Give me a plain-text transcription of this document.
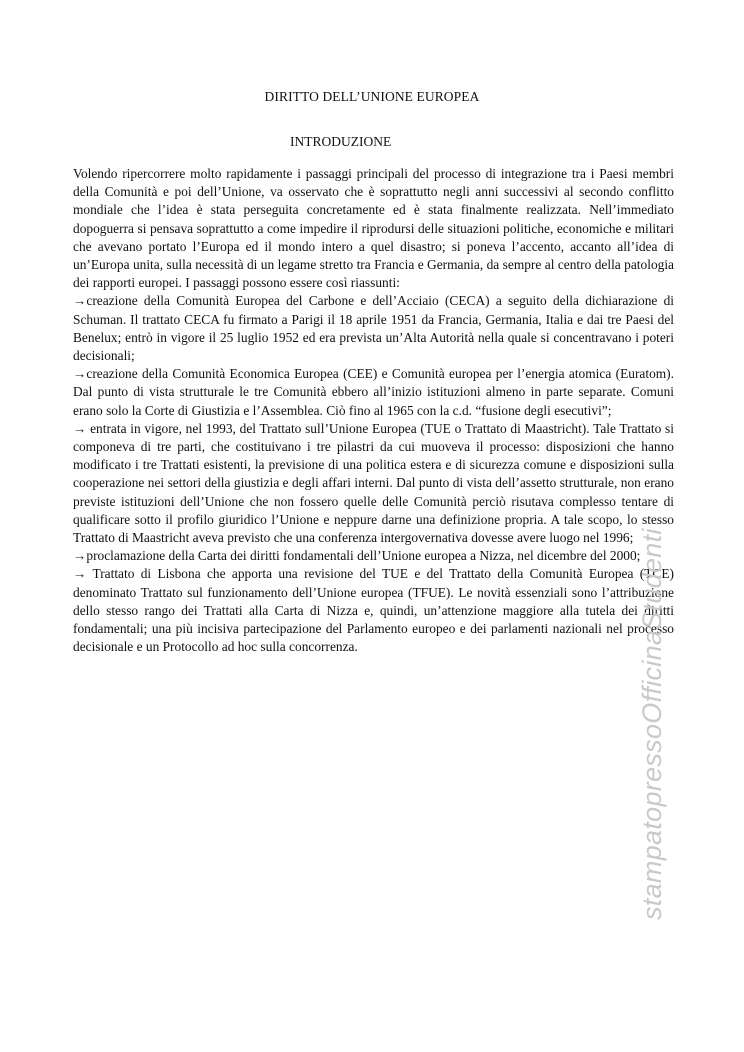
DIRITTO DELL’UNIONE EUROPEA
INTRODUZIONE

Volendo ripercorrere molto rapidamente i passaggi principali del processo di integrazione tra i Paesi membri della Comunità e poi dell’Unione, va osservato che è soprattutto negli anni successivi al secondo conflitto mondiale che l’idea è stata perseguita concretamente ed è stata finalmente realizzata. Nell’immediato dopoguerra si pensava soprattutto a come impedire il riprodursi delle situazioni politiche, economiche e militari che avevano portato l’Europa ed il mondo intero a quel disastro; si poneva l’accento, accanto all’idea di un’Europa unita, sulla necessità di un legame stretto tra Francia e Germania, da sempre al centro della patologia dei rapporti europei. I passaggi possono essere così riassunti:

→creazione della Comunità Europea del Carbone e dell’Acciaio (CECA) a seguito della dichiarazione di Schuman. Il trattato CECA fu firmato a Parigi il 18 aprile 1951 da Francia, Germania, Italia e dai tre Paesi del Benelux; entrò in vigore il 25 luglio 1952 ed era prevista un’Alta Autorità nella quale si concentravano i poteri decisionali;

→creazione della Comunità Economica Europea (CEE) e Comunità europea per l’energia atomica (Euratom). Dal punto di vista strutturale le tre Comunità ebbero all’inizio istituzioni almeno in parte separate. Comuni erano solo la Corte di Giustizia e l’Assemblea. Ciò fino al 1965 con la c.d. “fusione degli esecutivi”;

→ entrata in vigore, nel 1993, del Trattato sull’Unione Europea (TUE o Trattato di Maastricht). Tale Trattato si componeva di tre parti, che costituivano i tre pilastri da cui muoveva il processo: disposizioni che hanno modificato i tre Trattati esistenti, la previsione di una politica estera e di sicurezza comune e disposizioni sulla cooperazione nei settori della giustizia e degli affari interni. Dal punto di vista dell’assetto strutturale, non erano previste istituzioni dell’Unione che non fossero quelle delle Comunità perciò risutava complesso tentare di qualificare sotto il profilo giuridico l’Unione e neppure darne una definizione propria. A tale scopo, lo stesso Trattato di Maastricht aveva previsto che una conferenza intergovernativa dovesse avere luogo nel 1996;

→proclamazione della Carta dei diritti fondamentali dell’Unione europea a Nizza, nel dicembre del 2000;

→ Trattato di Lisbona che apporta una revisione del TUE e del Trattato della Comunità Europea (TCE) denominato Trattato sul funzionamento dell’Unione europea (TFUE). Le novità essenziali sono l’attribuzione dello stesso rango dei Trattati alla Carta di Nizza e, quindi, un’attenzione maggiore alla tutela dei diritti fondamentali; una più incisiva partecipazione del Parlamento europeo e dei parlamenti nazionali nel processo decisionale e un Protocollo ad hoc sulla concorrenza.	stampatopressoOfficinaStudenti
